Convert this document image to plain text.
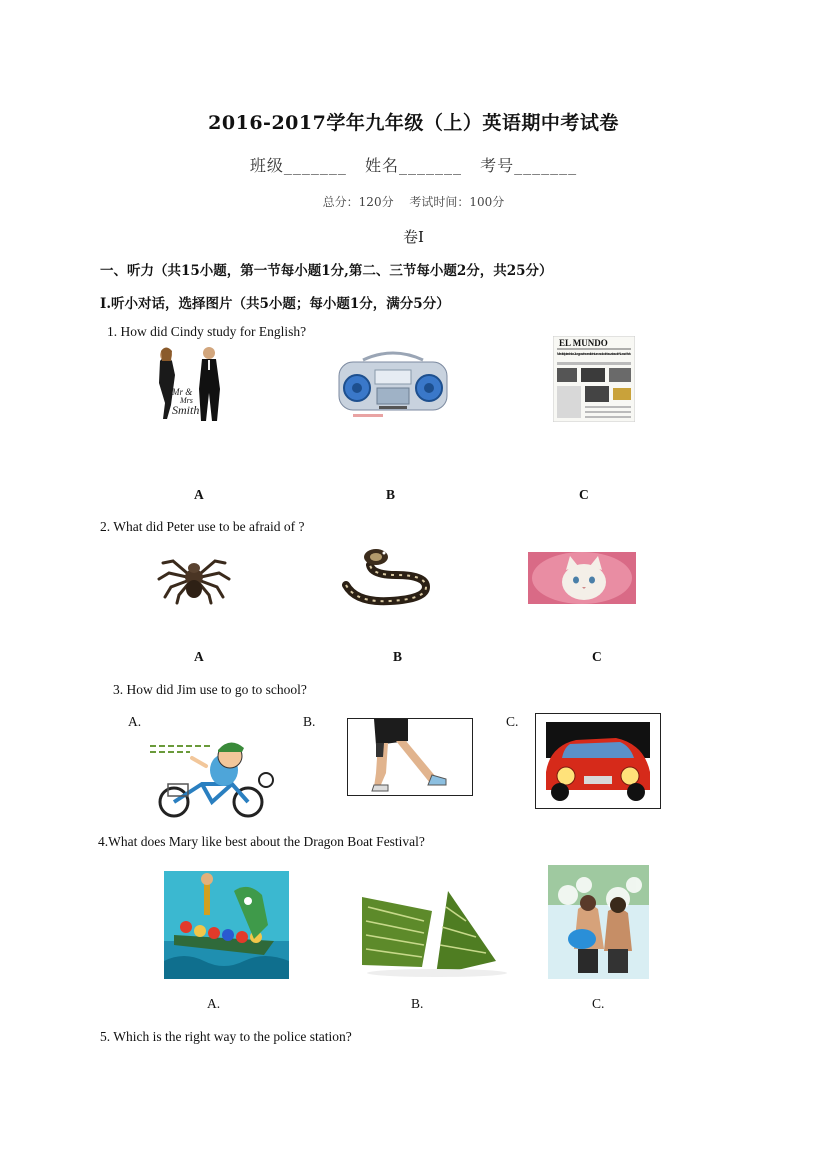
2016-2017学年九年级（上）英语期中考试卷
班级_______ 姓名_______ 考号_______
总分：120分 考试时间：100分
卷Ⅰ
一、听力（共15小题，第一节每小题1分,第二、三节每小题2分，共25分）
Ⅰ.听小对话，选择图片（共5小题；每小题1分，满分5分）
1. How did Cindy study for English?
Mr &
Mrs
Smith
EL MUNDO
Madrid pierde los Juegos al no recibir ni uno solo de los votos de Nueva York
A	B	C
2. What did Peter use to be afraid of ?
A	B	C
3. How did Jim use to go to school?
A.	B.	C.
4.What does Mary like best about the Dragon Boat Festival?
A.	B.	C.
5. Which is the right way to the police station?
